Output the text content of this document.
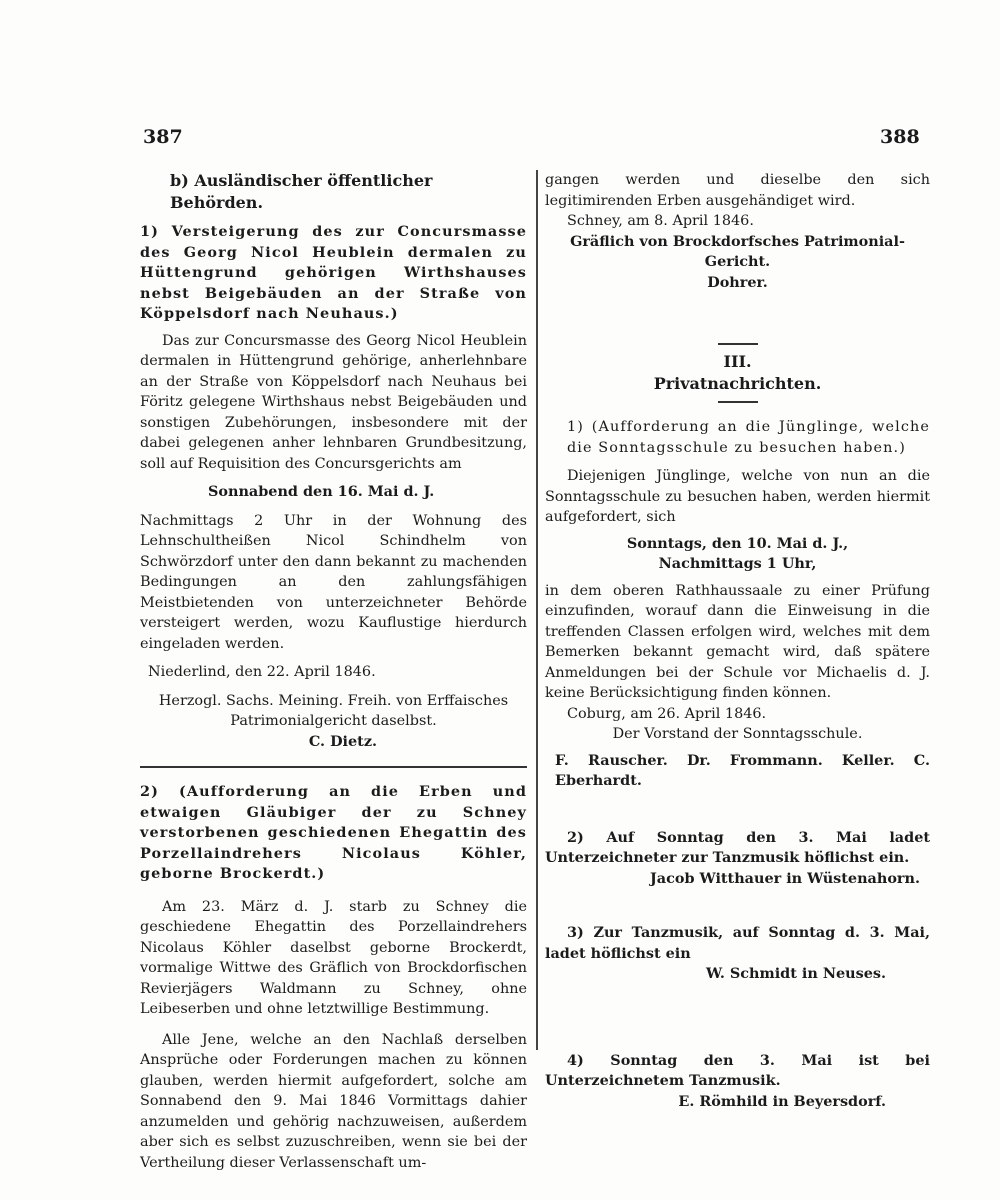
387	388

b) Ausländischer öffentlicher Behörden.

1) Versteigerung des zur Concursmasse des Georg Nicol Heublein dermalen zu Hüttengrund gehörigen Wirthshauses nebst Beigebäuden an der Straße von Köppelsdorf nach Neuhaus.)

Das zur Concursmasse des Georg Nicol Heublein dermalen in Hüttengrund gehörige, anherlehnbare an der Straße von Köppelsdorf nach Neuhaus bei Föritz gelegene Wirthshaus nebst Beigebäuden und sonstigen Zubehörungen, insbesondere mit der dabei gelegenen anher lehnbaren Grundbesitzung, soll auf Requisition des Concursgerichts am

Sonnabend den 16. Mai d. J.

Nachmittags 2 Uhr in der Wohnung des Lehnschultheißen Nicol Schindhelm von Schwörzdorf unter den dann bekannt zu machenden Bedingungen an den zahlungsfähigen Meistbietenden von unterzeichneter Behörde versteigert werden, wozu Kauflustige hierdurch eingeladen werden.

Niederlind, den 22. April 1846.

Herzogl. Sachs. Meining. Freih. von Erffaisches Patrimonialgericht daselbst.

C. Dietz.

2) (Aufforderung an die Erben und etwaigen Gläubiger der zu Schney verstorbenen geschiedenen Ehegattin des Porzellaindrehers Nicolaus Köhler, geborne Brockerdt.)

Am 23. März d. J. starb zu Schney die geschiedene Ehegattin des Porzellaindrehers Nicolaus Köhler daselbst geborne Brockerdt, vormalige Wittwe des Gräflich von Brockdorfischen Revierjägers Waldmann zu Schney, ohne Leibeserben und ohne letztwillige Bestimmung.

Alle Jene, welche an den Nachlaß derselben Ansprüche oder Forderungen machen zu können glauben, werden hiermit aufgefordert, solche am Sonnabend den 9. Mai 1846 Vormittags dahier anzumelden und gehörig nachzuweisen, außerdem aber sich es selbst zuzuschreiben, wenn sie bei der Vertheilung dieser Verlassenschaft um-

gangen werden und dieselbe den sich legitimirenden Erben ausgehändiget wird.

Schney, am 8. April 1846.

Gräflich von Brockdorfsches Patrimonial-Gericht.

Dohrer.

III.

Privatnachrichten.

1) (Aufforderung an die Jünglinge, welche die Sonntagsschule zu besuchen haben.)

Diejenigen Jünglinge, welche von nun an die Sonntagsschule zu besuchen haben, werden hiermit aufgefordert, sich

Sonntags, den 10. Mai d. J.,

Nachmittags 1 Uhr,

in dem oberen Rathhaussaale zu einer Prüfung einzufinden, worauf dann die Einweisung in die treffenden Classen erfolgen wird, welches mit dem Bemerken bekannt gemacht wird, daß spätere Anmeldungen bei der Schule vor Michaelis d. J. keine Berücksichtigung finden können.

Coburg, am 26. April 1846.

Der Vorstand der Sonntagsschule.

F. Rauscher. Dr. Frommann. Keller. C. Eberhardt.

2) Auf Sonntag den 3. Mai ladet Unterzeichneter zur Tanzmusik höflichst ein.

Jacob Witthauer in Wüstenahorn.

3) Zur Tanzmusik, auf Sonntag d. 3. Mai, ladet höflichst ein

W. Schmidt in Neuses.

4) Sonntag den 3. Mai ist bei Unterzeichnetem Tanzmusik.

E. Römhild in Beyersdorf.
